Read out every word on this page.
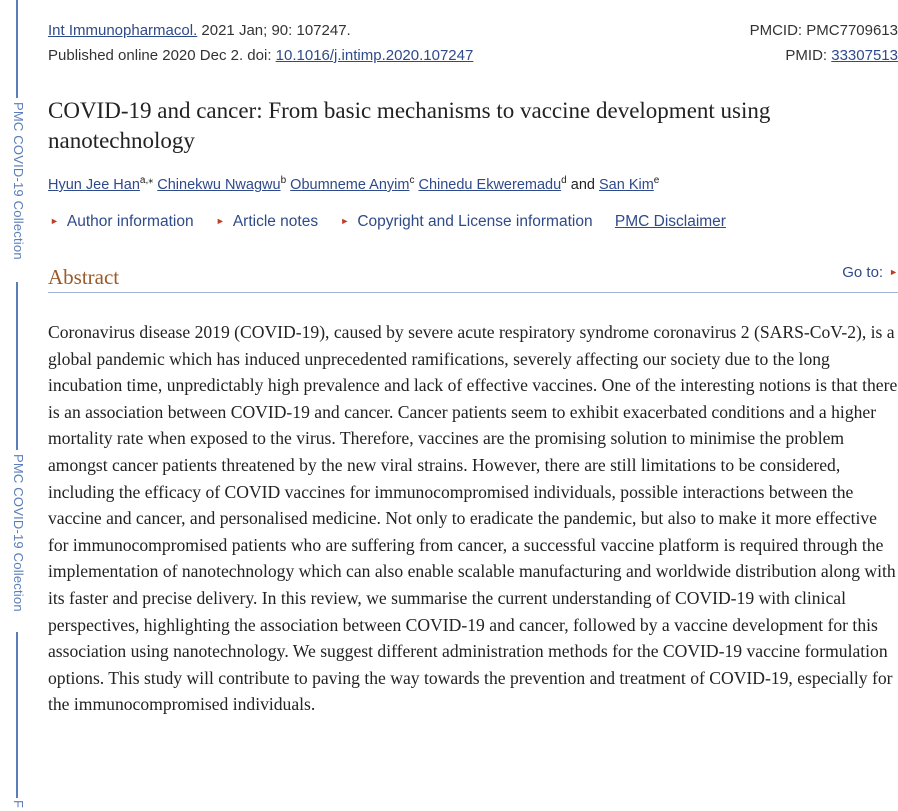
PMC COVID-19 Collection
PMC COVID-19 Collection
F
Int Immunopharmacol. 2021 Jan; 90: 107247.	PMCID: PMC7709613
Published online 2020 Dec 2. doi: 10.1016/j.intimp.2020.107247	PMID: 33307513
COVID-19 and cancer: From basic mechanisms to vaccine development using nanotechnology
Hyun Jee Han$^{a,⁎}$ Chinekwu Nwagwu$^b$ Obumneme Anyim$^c$ Chinedu Ekweremadu$^d$ and San Kim$^e$
► Author information ► Article notes ► Copyright and License information PMC Disclaimer
Abstract	Go to: ►

Coronavirus disease 2019 (COVID-19), caused by severe acute respiratory syndrome coronavirus 2 (SARS-CoV-2), is a global pandemic which has induced unprecedented ramifications, severely affecting our society due to the long incubation time, unpredictably high prevalence and lack of effective vaccines. One of the interesting notions is that there is an association between COVID-19 and cancer. Cancer patients seem to exhibit exacerbated conditions and a higher mortality rate when exposed to the virus. Therefore, vaccines are the promising solution to minimise the problem amongst cancer patients threatened by the new viral strains. However, there are still limitations to be considered, including the efficacy of COVID vaccines for immunocompromised individuals, possible interactions between the vaccine and cancer, and personalised medicine. Not only to eradicate the pandemic, but also to make it more effective for immunocompromised patients who are suffering from cancer, a successful vaccine platform is required through the implementation of nanotechnology which can also enable scalable manufacturing and worldwide distribution along with its faster and precise delivery. In this review, we summarise the current understanding of COVID-19 with clinical perspectives, highlighting the association between COVID-19 and cancer, followed by a vaccine development for this association using nanotechnology. We suggest different administration methods for the COVID-19 vaccine formulation options. This study will contribute to paving the way towards the prevention and treatment of COVID-19, especially for the immunocompromised individuals.
